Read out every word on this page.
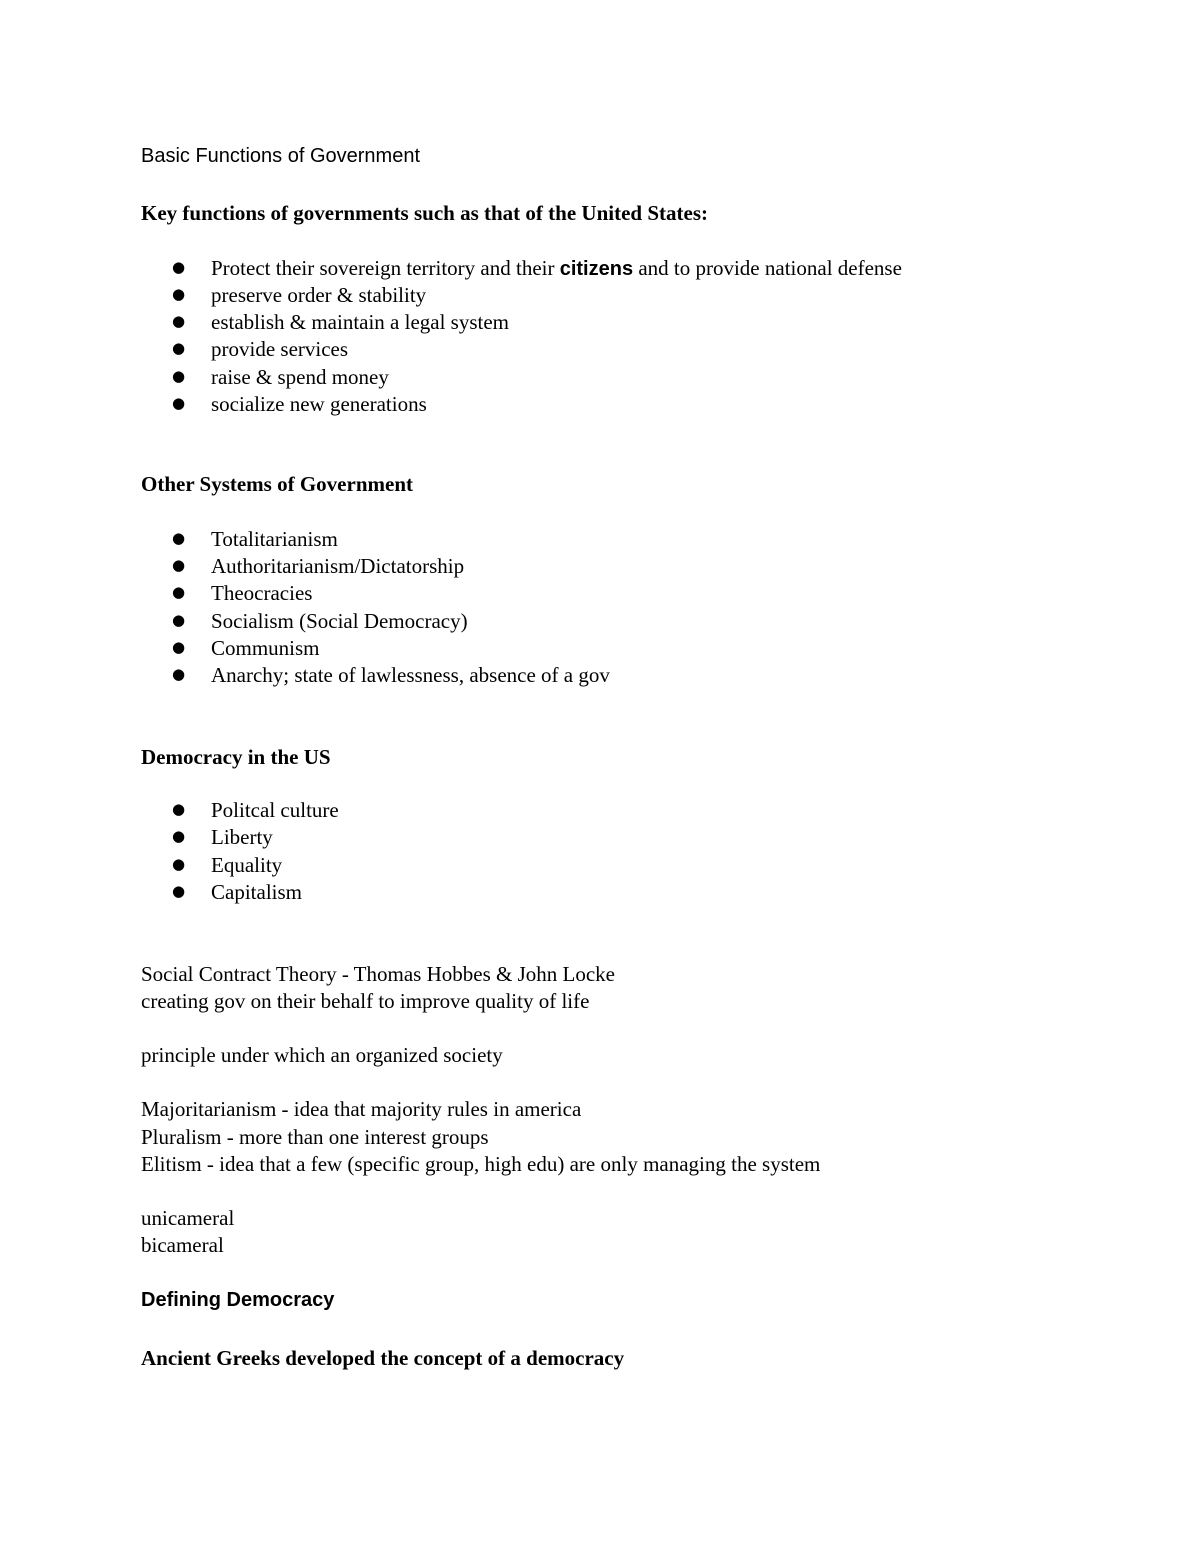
Basic Functions of Government
Key functions of governments such as that of the United States:
● Protect their sovereign territory and their citizens and to provide national defense
● preserve order & stability
● establish & maintain a legal system
● provide services
● raise & spend money
● socialize new generations
Other Systems of Government
● Totalitarianism
● Authoritarianism/Dictatorship
● Theocracies
● Socialism (Social Democracy)
● Communism
● Anarchy; state of lawlessness, absence of a gov
Democracy in the US
● Politcal culture
● Liberty
● Equality
● Capitalism
Social Contract Theory - Thomas Hobbes & John Locke
creating gov on their behalf to improve quality of life
principle under which an organized society
Majoritarianism - idea that majority rules in america
Pluralism - more than one interest groups
Elitism - idea that a few (specific group, high edu) are only managing the system
unicameral
bicameral
Defining Democracy
Ancient Greeks developed the concept of a democracy
